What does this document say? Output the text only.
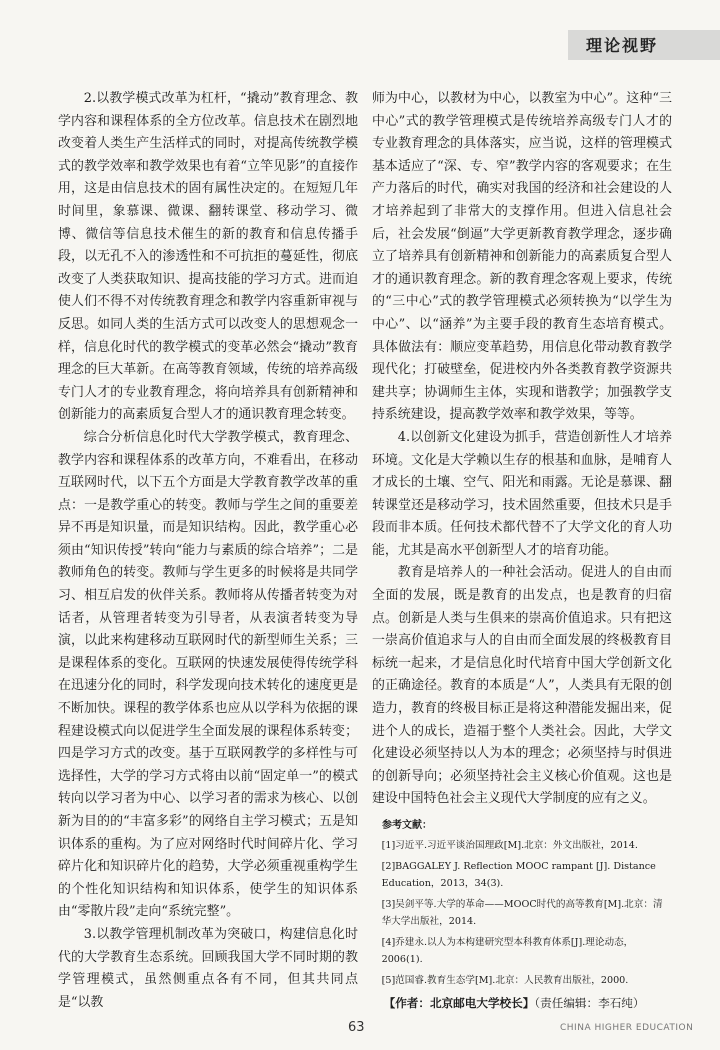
理论视野

2.以教学模式改革为杠杆，“撬动”教育理念、教学内容和课程体系的全方位改革。信息技术在剧烈地改变着人类生产生活样式的同时，对提高传统教学模式的教学效率和教学效果也有着“立竿见影”的直接作用，这是由信息技术的固有属性决定的。在短短几年时间里，象慕课、微课、翻转课堂、移动学习、微博、微信等信息技术催生的新的教育和信息传播手段，以无孔不入的渗透性和不可抗拒的蔓延性，彻底改变了人类获取知识、提高技能的学习方式。进而迫使人们不得不对传统教育理念和教学内容重新审视与反思。如同人类的生活方式可以改变人的思想观念一样，信息化时代的教学模式的变革必然会“撬动”教育理念的巨大革新。在高等教育领域，传统的培养高级专门人才的专业教育理念，将向培养具有创新精神和创新能力的高素质复合型人才的通识教育理念转变。

综合分析信息化时代大学教学模式，教育理念、教学内容和课程体系的改革方向，不难看出，在移动互联网时代，以下五个方面是大学教育教学改革的重点：一是教学重心的转变。教师与学生之间的重要差异不再是知识量，而是知识结构。因此，教学重心必须由“知识传授”转向“能力与素质的综合培养”；二是教师角色的转变。教师与学生更多的时候将是共同学习、相互启发的伙伴关系。教师将从传播者转变为对话者，从管理者转变为引导者，从表演者转变为导演，以此来构建移动互联网时代的新型师生关系；三是课程体系的变化。互联网的快速发展使得传统学科在迅速分化的同时，科学发现向技术转化的速度更是不断加快。课程的教学体系也应从以学科为依据的课程建设模式向以促进学生全面发展的课程体系转变；四是学习方式的改变。基于互联网教学的多样性与可选择性，大学的学习方式将由以前“固定单一”的模式转向以学习者为中心、以学习者的需求为核心、以创新为目的的“丰富多彩”的网络自主学习模式；五是知识体系的重构。为了应对网络时代时间碎片化、学习碎片化和知识碎片化的趋势，大学必须重视重构学生的个性化知识结构和知识体系，使学生的知识体系由“零散片段”走向“系统完整”。

3.以教学管理机制改革为突破口，构建信息化时代的大学教育生态系统。回顾我国大学不同时期的教学管理模式，虽然侧重点各有不同，但其共同点是“以教

师为中心，以教材为中心，以教室为中心”。这种“三中心”式的教学管理模式是传统培养高级专门人才的专业教育理念的具体落实，应当说，这样的管理模式基本适应了“深、专、窄”教学内容的客观要求；在生产力落后的时代，确实对我国的经济和社会建设的人才培养起到了非常大的支撑作用。但进入信息社会后，社会发展“倒逼”大学更新教育教学理念，逐步确立了培养具有创新精神和创新能力的高素质复合型人才的通识教育理念。新的教育理念客观上要求，传统的“三中心”式的教学管理模式必须转换为“以学生为中心”、以“涵养”为主要手段的教育生态培育模式。具体做法有：顺应变革趋势，用信息化带动教育教学现代化；打破壁垒，促进校内外各类教育教学资源共建共享；协调师生主体，实现和谐教学；加强教学支持系统建设，提高教学效率和教学效果，等等。

4.以创新文化建设为抓手，营造创新性人才培养环境。文化是大学赖以生存的根基和血脉，是哺育人才成长的土壤、空气、阳光和雨露。无论是慕课、翻转课堂还是移动学习，技术固然重要，但技术只是手段而非本质。任何技术都代替不了大学文化的育人功能，尤其是高水平创新型人才的培育功能。

教育是培养人的一种社会活动。促进人的自由而全面的发展，既是教育的出发点，也是教育的归宿点。创新是人类与生俱来的崇高价值追求。只有把这一崇高价值追求与人的自由而全面发展的终极教育目标统一起来，才是信息化时代培育中国大学创新文化的正确途径。教育的本质是“人”，人类具有无限的创造力，教育的终极目标正是将这种潜能发掘出来，促进个人的成长，造福于整个人类社会。因此，大学文化建设必须坚持以人为本的理念；必须坚持与时俱进的创新导向；必须坚持社会主义核心价值观。这也是建设中国特色社会主义现代大学制度的应有之义。

参考文献：

[1]习近平.习近平谈治国理政[M].北京：外文出版社，2014.

[2]BAGGALEY J. Reflection MOOC rampant [J]. Distance Education，2013，34(3).

[3]吴剑平等.大学的革命——MOOC时代的高等教育[M].北京：清华大学出版社，2014.

[4]乔建永.以人为本构建研究型本科教育体系[J].理论动态，2006(1).

[5]范国睿.教育生态学[M].北京：人民教育出版社，2000.

【作者：北京邮电大学校长】（责任编辑：李石纯）

63	CHINA HIGHER EDUCATION
